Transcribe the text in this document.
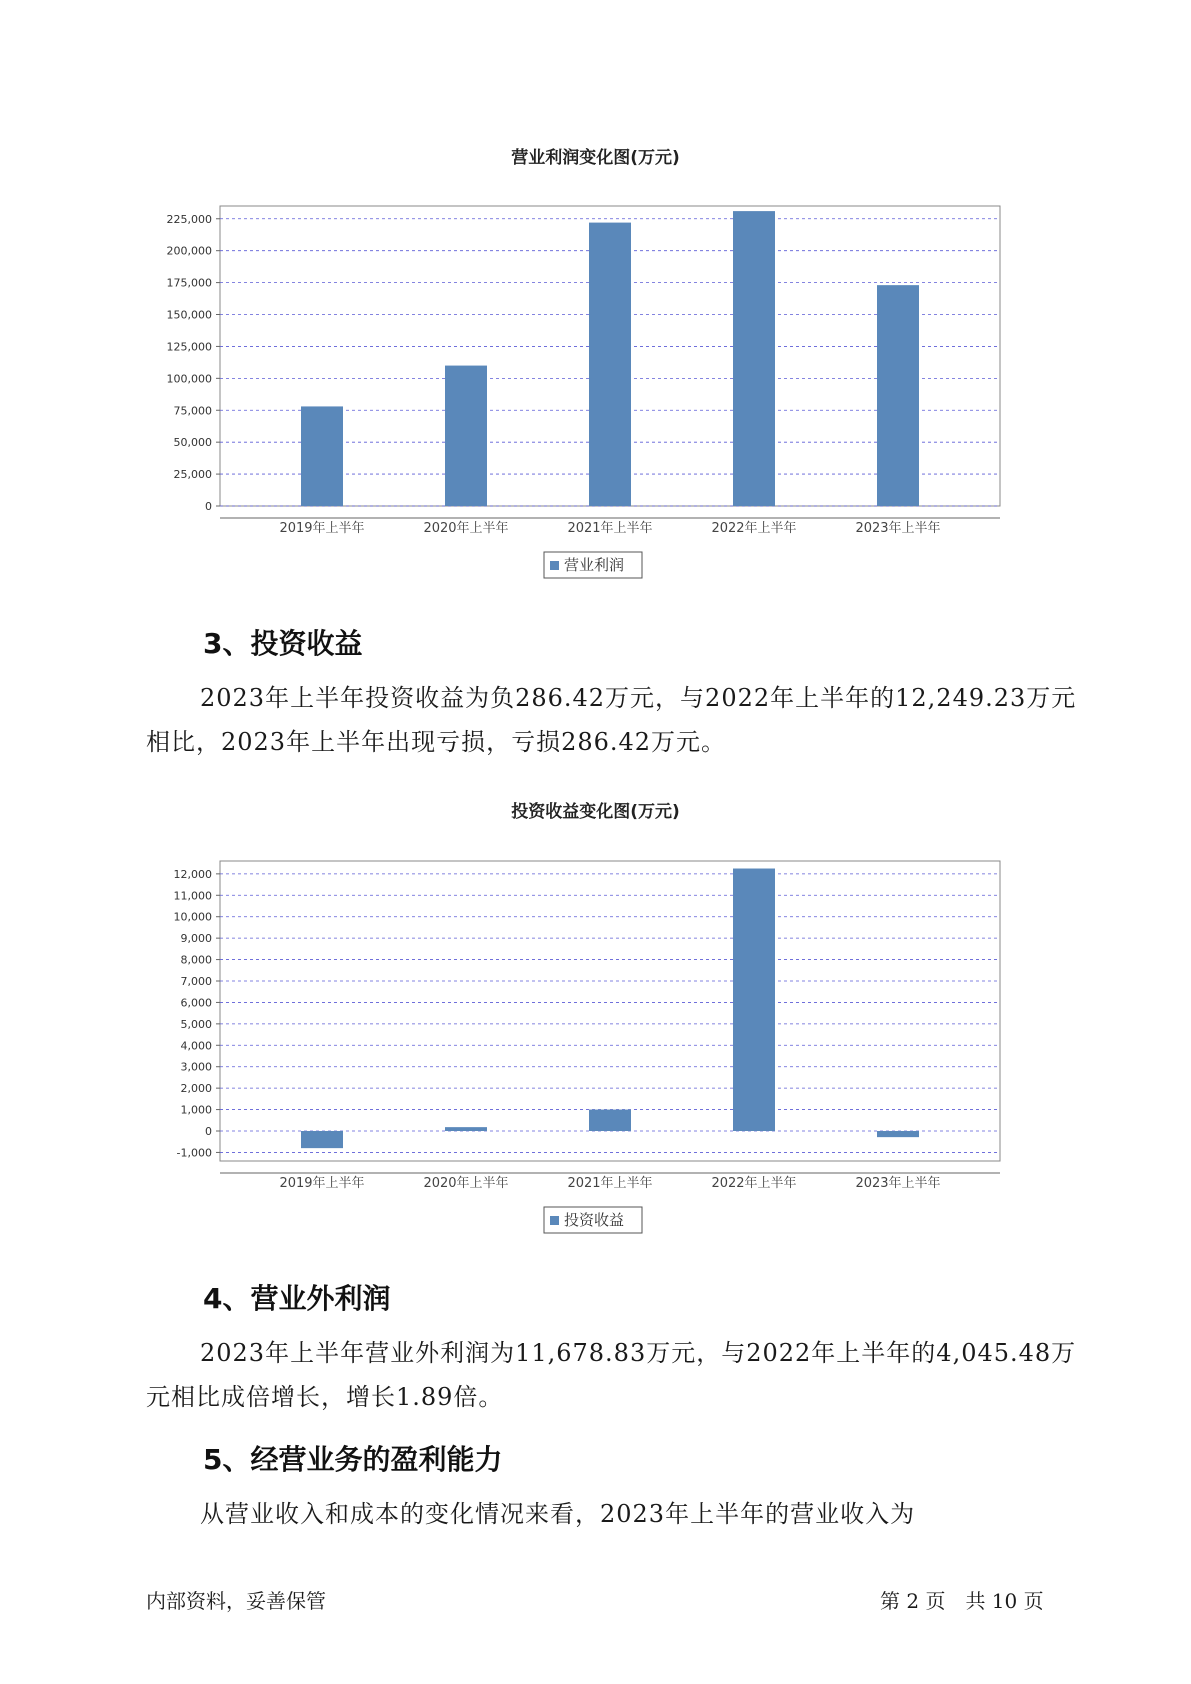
营业利润变化图(万元)
0
25,000
50,000
75,000
100,000
125,000
150,000
175,000
200,000
225,000
2019年上半年	2020年上半年	2021年上半年	2022年上半年	2023年上半年
营业利润
3、投资收益
2023年上半年投资收益为负286.42万元，与2022年上半年的12,249.23万元相比，2023年上半年出现亏损，亏损286.42万元。
投资收益变化图(万元)
-1,000
0
1,000
2,000
3,000
4,000
5,000
6,000
7,000
8,000
9,000
10,000
11,000
12,000
2019年上半年	2020年上半年	2021年上半年	2022年上半年	2023年上半年
投资收益
4、营业外利润
2023年上半年营业外利润为11,678.83万元，与2022年上半年的4,045.48万元相比成倍增长，增长1.89倍。
5、经营业务的盈利能力
从营业收入和成本的变化情况来看，2023年上半年的营业收入为
内部资料，妥善保管	第 2 页　共 10 页
